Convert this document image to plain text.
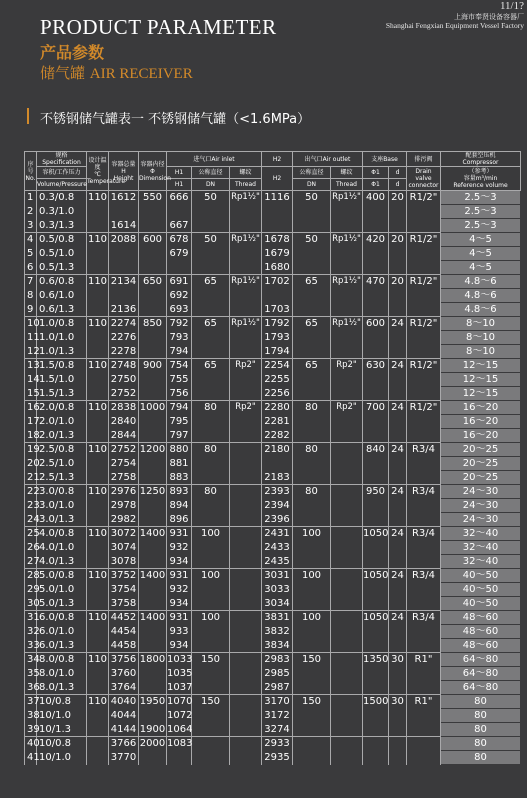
11/1?
上海市奉贤设备容器厂
Shanghai Fengxian Equipment Vessel Factory
PRODUCT PARAMETER
产品参数
储气罐 AIR RECEIVER
不锈钢储气罐表一 不锈钢储气罐（<1.6MPa）
序号
No.	规格Specification	设计温度
℃
Temperature	容器总量
H
Height	容器内径
Φ
Dimension	进气口Air inlet			H2	出气口Air outlet		支座Base		排污阀	配套空压机
Compressor
	容积/工作压力				H1	公称直径	螺纹	H2	公称直径	螺纹	Φ1	d	Drain valve connector	（参考）
容量m³/min
Reference volume
	Volume/Pressure				H1	DN	Thread		DN	Thread	Φ1	d		
1	0.3/0.8	110	1612	550	666	50	Rp1½"	1116	50	Rp1½"	400	20	R1/2"	2.5～3
2	0.3/1.0													2.5～3
3	0.3/1.3		1614		667									2.5～3
4	0.5/0.8	110	2088	600	678	50	Rp1½"	1678	50	Rp1½"	420	20	R1/2"	4～5
5	0.5/1.0				679			1679						4～5
6	0.5/1.3							1680						4～5
7	0.6/0.8	110	2134	650	691	65	Rp1½"	1702	65	Rp1½"	470	20	R1/2"	4.8～6
8	0.6/1.0				692									4.8～6
9	0.6/1.3		2136		693			1703						4.8～6
10	1.0/0.8	110	2274	850	792	65	Rp1½"	1792	65	Rp1½"	600	24	R1/2"	8～10
11	1.0/1.0		2276		793			1793						8～10
12	1.0/1.3		2278		794			1794						8～10
13	1.5/0.8	110	2748	900	754	65	Rp2"	2254	65	Rp2"	630	24	R1/2"	12～15
14	1.5/1.0		2750		755			2255						12～15
15	1.5/1.3		2752		756			2256						12～15
16	2.0/0.8	110	2838	1000	794	80	Rp2"	2280	80	Rp2"	700	24	R1/2"	16～20
17	2.0/1.0		2840		795			2281						16～20
18	2.0/1.3		2844		797			2282						16～20
19	2.5/0.8	110	2752	1200	880	80		2180	80		840	24	R3/4	20～25
20	2.5/1.0		2754		881									20～25
21	2.5/1.3		2758		883			2183						20～25
22	3.0/0.8	110	2976	1250	893	80		2393	80		950	24	R3/4	24～30
23	3.0/1.0		2978		894			2394						24～30
24	3.0/1.3		2982		896			2396						24～30
25	4.0/0.8	110	3072	1400	931	100		2431	100		1050	24	R3/4	32～40
26	4.0/1.0		3074		932			2433						32～40
27	4.0/1.3		3078		934			2435						32～40
28	5.0/0.8	110	3752	1400	931	100		3031	100		1050	24	R3/4	40～50
29	5.0/1.0		3754		932			3033						40～50
30	5.0/1.3		3758		934			3034						40～50
31	6.0/0.8	110	4452	1400	931	100		3831	100		1050	24	R3/4	48～60
32	6.0/1.0		4454		933			3832						48～60
33	6.0/1.3		4458		934			3834						48～60
34	8.0/0.8	110	3756	1800	1033	150		2983	150		1350	30	R1"	64～80
35	8.0/1.0		3760		1035			2985						64～80
36	8.0/1.3		3764		1037			2987						64～80
37	10/0.8	110	4040	1950	1070	150		3170	150		1500	30	R1"	80
38	10/1.0		4044		1072			3172						80
39	10/1.3		4144	1900	1064			3274						80
40	10/0.8		3766	2000	1083			2933						80
41	10/1.0		3770					2935						80
